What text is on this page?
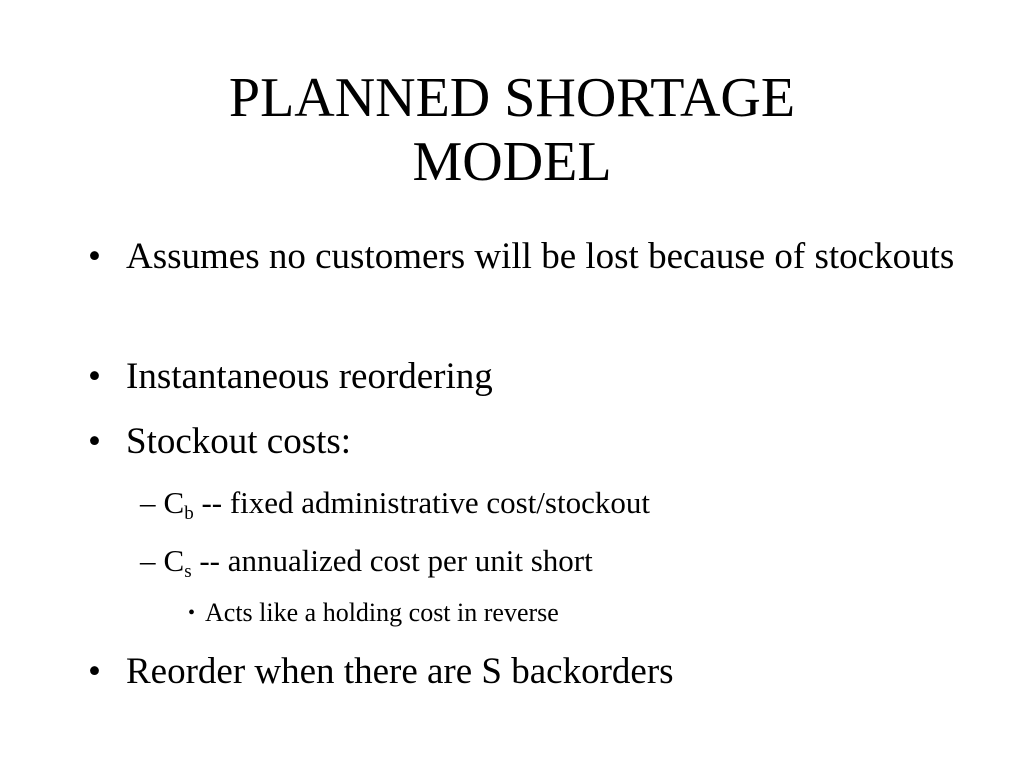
PLANNED SHORTAGE
MODEL
• Assumes no customers will be lost because of stockouts
• Instantaneous reordering
• Stockout costs:
– $C_b$ -- fixed administrative cost/stockout
– $C_s$ -- annualized cost per unit short
• Acts like a holding cost in reverse
• Reorder when there are S backorders
